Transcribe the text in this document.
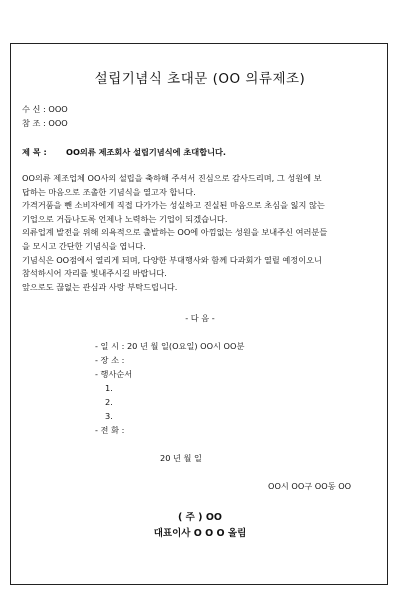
설립기념식 초대문 (OO 의류제조)
수 신 : OOO
참 조 : OOO
제 목 : OO의류 제조회사 설립기념식에 초대합니다.
OO의류 제조업체 OO사의 설립을 축하해 주셔서 진심으로 감사드리며, 그 성원에 보
답하는 마음으로 조촐한 기념식을 열고자 합니다.
가격거품을 뺀 소비자에게 직접 다가가는 성실하고 진실된 마음으로 초심을 잃지 않는
기업으로 거듭나도록 언제나 노력하는 기업이 되겠습니다.
의류업계 발전을 위해 의욕적으로 출발하는 OO에 아낌없는 성원을 보내주신 여러분들
을 모시고 간단한 기념식을 엽니다.
기념식은 OO점에서 열리게 되며, 다양한 부대행사와 함께 다과회가 열릴 예정이오니
참석하시어 자리를 빛내주시길 바랍니다.
앞으로도 끊없는 관심과 사랑 부탁드립니다.
- 다 음 -
- 일 시 : 20 년 월 일(O요일) OO시 OO분
- 장 소 :
- 행사순서
1.
2.
3.
- 전 화 :
20 년 월 일
OO시 OO구 OO동 OO
( 주 ) OO
대표이사 O O O 올림
